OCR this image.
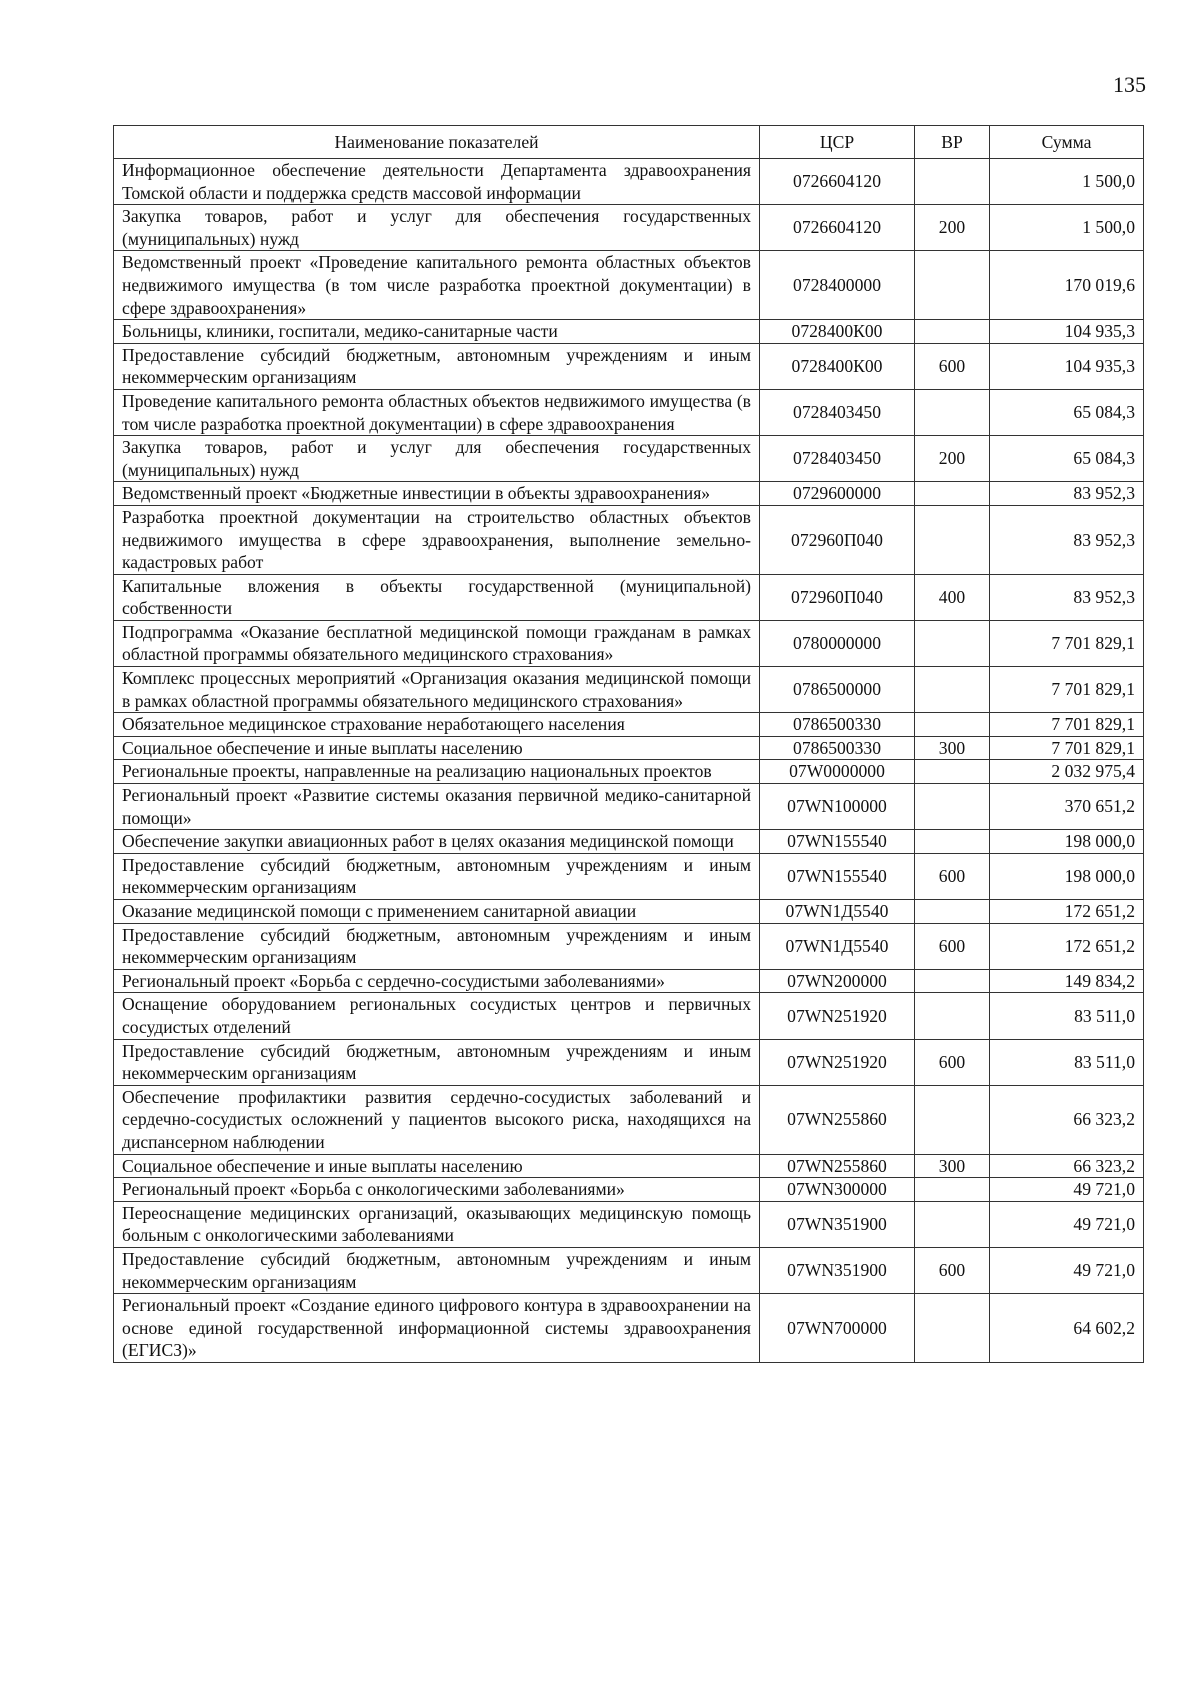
135
Наименование показателей	ЦСР	ВР	Сумма
Информационное обеспечение деятельности Департамента здравоохранения Томской области и поддержка средств массовой информации	0726604120		1 500,0
Закупка товаров, работ и услуг для обеспечения государственных (муниципальных) нужд	0726604120	200	1 500,0
Ведомственный проект «Проведение капитального ремонта областных объектов недвижимого имущества (в том числе разработка проектной документации) в сфере здравоохранения»	0728400000		170 019,6
Больницы, клиники, госпитали, медико-санитарные части	0728400К00		104 935,3
Предоставление субсидий бюджетным, автономным учреждениям и иным некоммерческим организациям	0728400К00	600	104 935,3
Проведение капитального ремонта областных объектов недвижимого имущества (в том числе разработка проектной документации) в сфере здравоохранения	0728403450		65 084,3
Закупка товаров, работ и услуг для обеспечения государственных (муниципальных) нужд	0728403450	200	65 084,3
Ведомственный проект «Бюджетные инвестиции в объекты здравоохранения»	0729600000		83 952,3
Разработка проектной документации на строительство областных объектов недвижимого имущества в сфере здравоохранения, выполнение земельно-кадастровых работ	072960П040		83 952,3
Капитальные вложения в объекты государственной (муниципальной) собственности	072960П040	400	83 952,3
Подпрограмма «Оказание бесплатной медицинской помощи гражданам в рамках областной программы обязательного медицинского страхования»	0780000000		7 701 829,1
Комплекс процессных мероприятий «Организация оказания медицинской помощи в рамках областной программы обязательного медицинского страхования»	0786500000		7 701 829,1
Обязательное медицинское страхование неработающего населения	0786500330		7 701 829,1
Социальное обеспечение и иные выплаты населению	0786500330	300	7 701 829,1
Региональные проекты, направленные на реализацию национальных проектов	07W0000000		2 032 975,4
Региональный проект «Развитие системы оказания первичной медико-санитарной помощи»	07WN100000		370 651,2
Обеспечение закупки авиационных работ в целях оказания медицинской помощи	07WN155540		198 000,0
Предоставление субсидий бюджетным, автономным учреждениям и иным некоммерческим организациям	07WN155540	600	198 000,0
Оказание медицинской помощи с применением санитарной авиации	07WN1Д5540		172 651,2
Предоставление субсидий бюджетным, автономным учреждениям и иным некоммерческим организациям	07WN1Д5540	600	172 651,2
Региональный проект «Борьба с сердечно-сосудистыми заболеваниями»	07WN200000		149 834,2
Оснащение оборудованием региональных сосудистых центров и первичных сосудистых отделений	07WN251920		83 511,0
Предоставление субсидий бюджетным, автономным учреждениям и иным некоммерческим организациям	07WN251920	600	83 511,0
Обеспечение профилактики развития сердечно-сосудистых заболеваний и сердечно-сосудистых осложнений у пациентов высокого риска, находящихся на диспансерном наблюдении	07WN255860		66 323,2
Социальное обеспечение и иные выплаты населению	07WN255860	300	66 323,2
Региональный проект «Борьба с онкологическими заболеваниями»	07WN300000		49 721,0
Переоснащение медицинских организаций, оказывающих медицинскую помощь больным с онкологическими заболеваниями	07WN351900		49 721,0
Предоставление субсидий бюджетным, автономным учреждениям и иным некоммерческим организациям	07WN351900	600	49 721,0
Региональный проект «Создание единого цифрового контура в здравоохранении на основе единой государственной информационной системы здравоохранения (ЕГИСЗ)»	07WN700000		64 602,2
